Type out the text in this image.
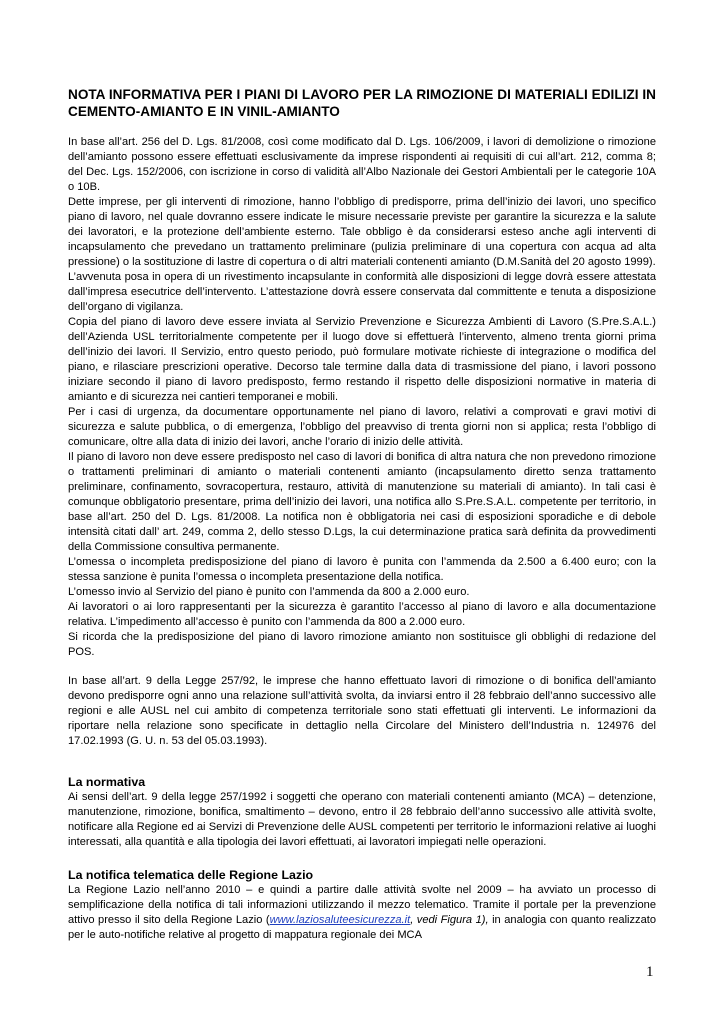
NOTA INFORMATIVA PER I PIANI DI LAVORO PER LA RIMOZIONE DI MATERIALI EDILIZI IN CEMENTO-AMIANTO E IN VINIL-AMIANTO

In base all’art. 256 del D. Lgs. 81/2008, così come modificato dal D. Lgs. 106/2009, i lavori di demolizione o rimozione dell’amianto possono essere effettuati esclusivamente da imprese rispondenti ai requisiti di cui all’art. 212, comma 8; del Dec. Lgs. 152/2006, con iscrizione in corso di validità all’Albo Nazionale dei Gestori Ambientali per le categorie 10A o 10B.

Dette imprese, per gli interventi di rimozione, hanno l’obbligo di predisporre, prima dell’inizio dei lavori, uno specifico piano di lavoro, nel quale dovranno essere indicate le misure necessarie previste per garantire la sicurezza e la salute dei lavoratori, e la protezione dell’ambiente esterno. Tale obbligo è da considerarsi esteso anche agli interventi di incapsulamento che prevedano un trattamento preliminare (pulizia preliminare di una copertura con acqua ad alta pressione) o la sostituzione di lastre di copertura o di altri materiali contenenti amianto (D.M.Sanità del 20 agosto 1999).

L’avvenuta posa in opera di un rivestimento incapsulante in conformità alle disposizioni di legge dovrà essere attestata dall’impresa esecutrice dell’intervento. L’attestazione dovrà essere conservata dal committente e tenuta a disposizione dell’organo di vigilanza.

Copia del piano di lavoro deve essere inviata al Servizio Prevenzione e Sicurezza Ambienti di Lavoro (S.Pre.S.A.L.) dell’Azienda USL territorialmente competente per il luogo dove si effettuerà l’intervento, almeno trenta giorni prima dell’inizio dei lavori. Il Servizio, entro questo periodo, può formulare motivate richieste di integrazione o modifica del piano, e rilasciare prescrizioni operative. Decorso tale termine dalla data di trasmissione del piano, i lavori possono iniziare secondo il piano di lavoro predisposto, fermo restando il rispetto delle disposizioni normative in materia di amianto e di sicurezza nei cantieri temporanei e mobili.

Per i casi di urgenza, da documentare opportunamente nel piano di lavoro, relativi a comprovati e gravi motivi di sicurezza e salute pubblica, o di emergenza, l’obbligo del preavviso di trenta giorni non si applica; resta l’obbligo di comunicare, oltre alla data di inizio dei lavori, anche l’orario di inizio delle attività.

Il piano di lavoro non deve essere predisposto nel caso di lavori di bonifica di altra natura che non prevedono rimozione o trattamenti preliminari di amianto o materiali contenenti amianto (incapsulamento diretto senza trattamento preliminare, confinamento, sovracopertura, restauro, attività di manutenzione su materiali di amianto). In tali casi è comunque obbligatorio presentare, prima dell’inizio dei lavori, una notifica allo S.Pre.S.A.L. competente per territorio, in base all’art. 250 del D. Lgs. 81/2008. La notifica non è obbligatoria nei casi di esposizioni sporadiche e di debole intensità citati dall’ art. 249, comma 2, dello stesso D.Lgs, la cui determinazione pratica sarà definita da provvedimenti della Commissione consultiva permanente.

L’omessa o incompleta predisposizione del piano di lavoro è punita con l’ammenda da 2.500 a 6.400 euro; con la stessa sanzione è punita l’omessa o incompleta presentazione della notifica.

L’omesso invio al Servizio del piano è punito con l’ammenda da 800 a 2.000 euro.

Ai lavoratori o ai loro rappresentanti per la sicurezza è garantito l’accesso al piano di lavoro e alla documentazione relativa. L’impedimento all’accesso è punito con l’ammenda da 800 a 2.000 euro.

Si ricorda che la predisposizione del piano di lavoro rimozione amianto non sostituisce gli obblighi di redazione del POS.

In base all’art. 9 della Legge 257/92, le imprese che hanno effettuato lavori di rimozione o di bonifica dell’amianto devono predisporre ogni anno una relazione sull’attività svolta, da inviarsi entro il 28 febbraio dell’anno successivo alle regioni e alle AUSL nel cui ambito di competenza territoriale sono stati effettuati gli interventi. Le informazioni da riportare nella relazione sono specificate in dettaglio nella Circolare del Ministero dell’Industria n. 124976 del 17.02.1993 (G. U. n. 53 del 05.03.1993).

La normativa

Ai sensi dell’art. 9 della legge 257/1992 i soggetti che operano con materiali contenenti amianto (MCA) – detenzione, manutenzione, rimozione, bonifica, smaltimento – devono, entro il 28 febbraio dell’anno successivo alle attività svolte, notificare alla Regione ed ai Servizi di Prevenzione delle AUSL competenti per territorio le informazioni relative ai luoghi interessati, alla quantità e alla tipologia dei lavori effettuati, ai lavoratori impiegati nelle operazioni.

La notifica telematica delle Regione Lazio

La Regione Lazio nell’anno 2010 – e quindi a partire dalle attività svolte nel 2009 – ha avviato un processo di semplificazione della notifica di tali informazioni utilizzando il mezzo telematico. Tramite il portale per la prevenzione attivo presso il sito della Regione Lazio (www.laziosaluteesicurezza.it, vedi Figura 1), in analogia con quanto realizzato per le auto-notifiche relative al progetto di mappatura regionale dei MCA

1
